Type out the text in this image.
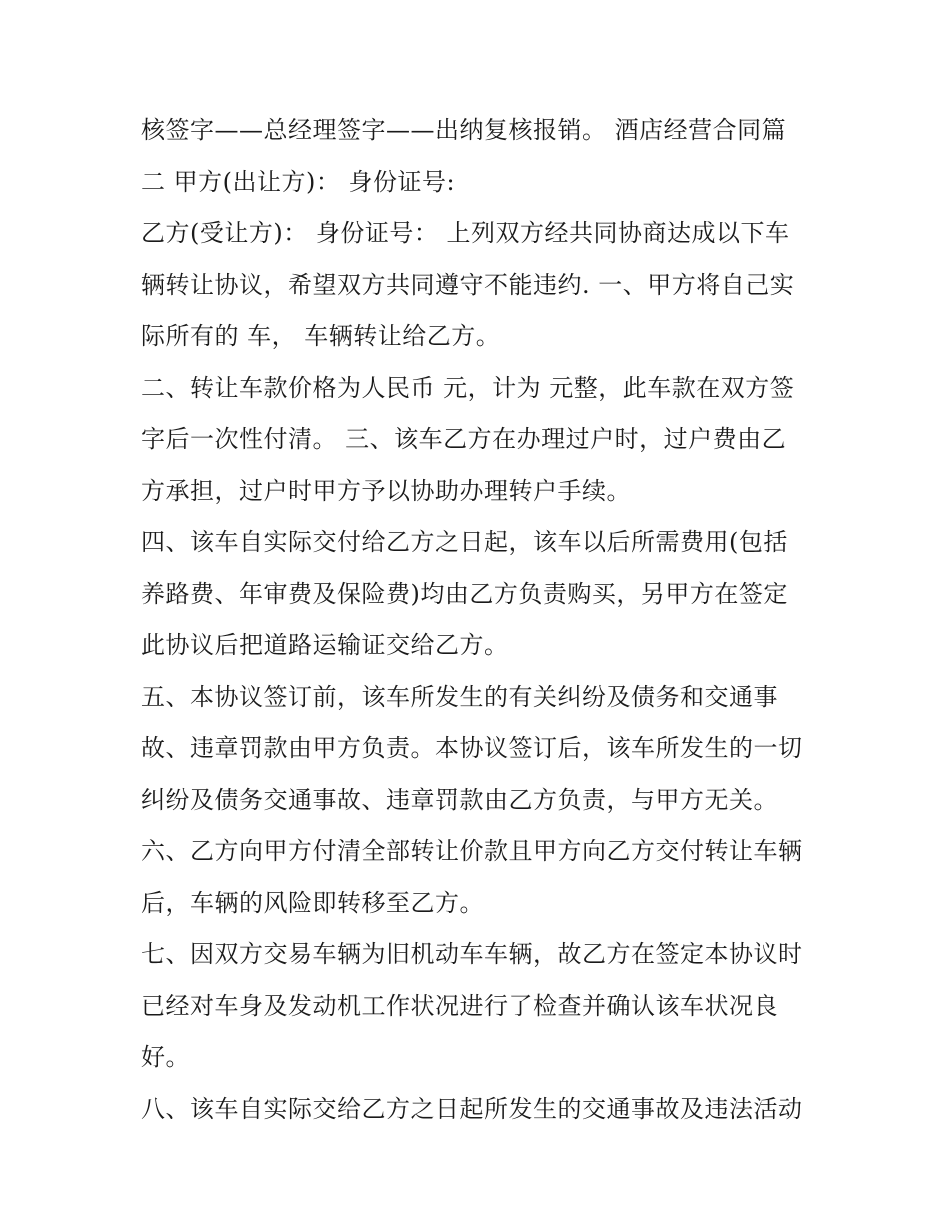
核签字——总经理签字——出纳复核报销。 酒店经营合同篇
二 甲方(出让方)： 身份证号:
乙方(受让方)： 身份证号： 上列双方经共同协商达成以下车
辆转让协议，希望双方共同遵守不能违约. 一、甲方将自己实
际所有的 车， 车辆转让给乙方。
二、转让车款价格为人民币 元，计为 元整，此车款在双方签
字后一次性付清。 三、该车乙方在办理过户时，过户费由乙
方承担，过户时甲方予以协助办理转户手续。
四、该车自实际交付给乙方之日起，该车以后所需费用(包括
养路费、年审费及保险费)均由乙方负责购买，另甲方在签定
此协议后把道路运输证交给乙方。
五、本协议签订前，该车所发生的有关纠纷及债务和交通事
故、违章罚款由甲方负责。本协议签订后，该车所发生的一切
纠纷及债务交通事故、违章罚款由乙方负责，与甲方无关。
六、乙方向甲方付清全部转让价款且甲方向乙方交付转让车辆
后，车辆的风险即转移至乙方。
七、因双方交易车辆为旧机动车车辆，故乙方在签定本协议时
已经对车身及发动机工作状况进行了检查并确认该车状况良
好。
八、该车自实际交给乙方之日起所发生的交通事故及违法活动
